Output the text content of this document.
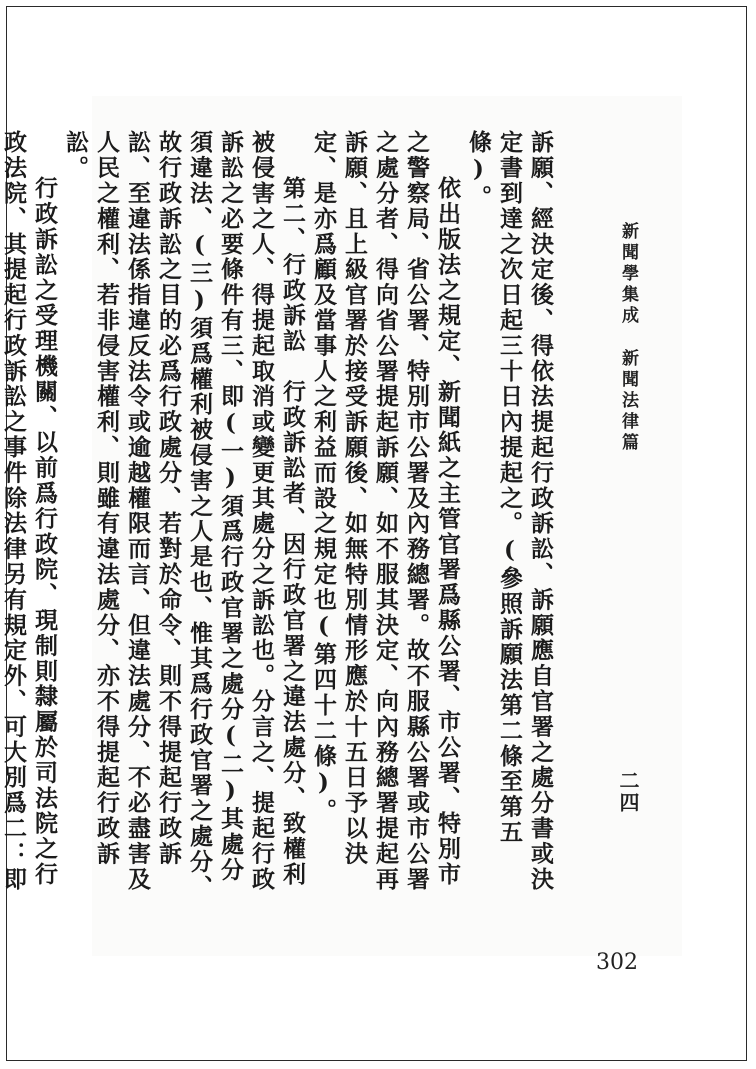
新聞學集成新聞法律篇
二四

訴願、經決定後、得依法提起行政訴訟、訴願應自官署之處分書或決定書到達之次日起三十日內提起之。(參照訴願法第二條至第五條)。

依出版法之規定、新聞紙之主管官署爲縣公署、市公署、特別市之警察局、省公署、特別市公署及內務總署。故不服縣公署或市公署之處分者、得向省公署提起訴願、如不服其決定、向內務總署提起再訴願、且上級官署於接受訴願後、如無特別情形應於十五日予以決定、是亦爲顧及當事人之利益而設之規定也(第四十二條)。

第二、行政訴訟　行政訴訟者、因行政官署之違法處分、致權利被侵害之人、得提起取消或變更其處分之訴訟也。分言之、提起行政訴訟之必要條件有三、即(一)須爲行政官署之處分(二)其處分須違法、(三)須爲權利被侵害之人是也、惟其爲行政官署之處分、故行政訴訟之目的必爲行政處分、若對於命令、則不得提起行政訴訟、至違法係指違反法令或逾越權限而言、但違法處分、不必盡害及人民之權利、若非侵害權利、則雖有違法處分、亦不得提起行政訴訟。

行政訴訟之受理機關、以前爲行政院、現制則隸屬於司法院之行政法院、其提起行政訴訟之事件除法律另有規定外、可大別爲二：即

302
